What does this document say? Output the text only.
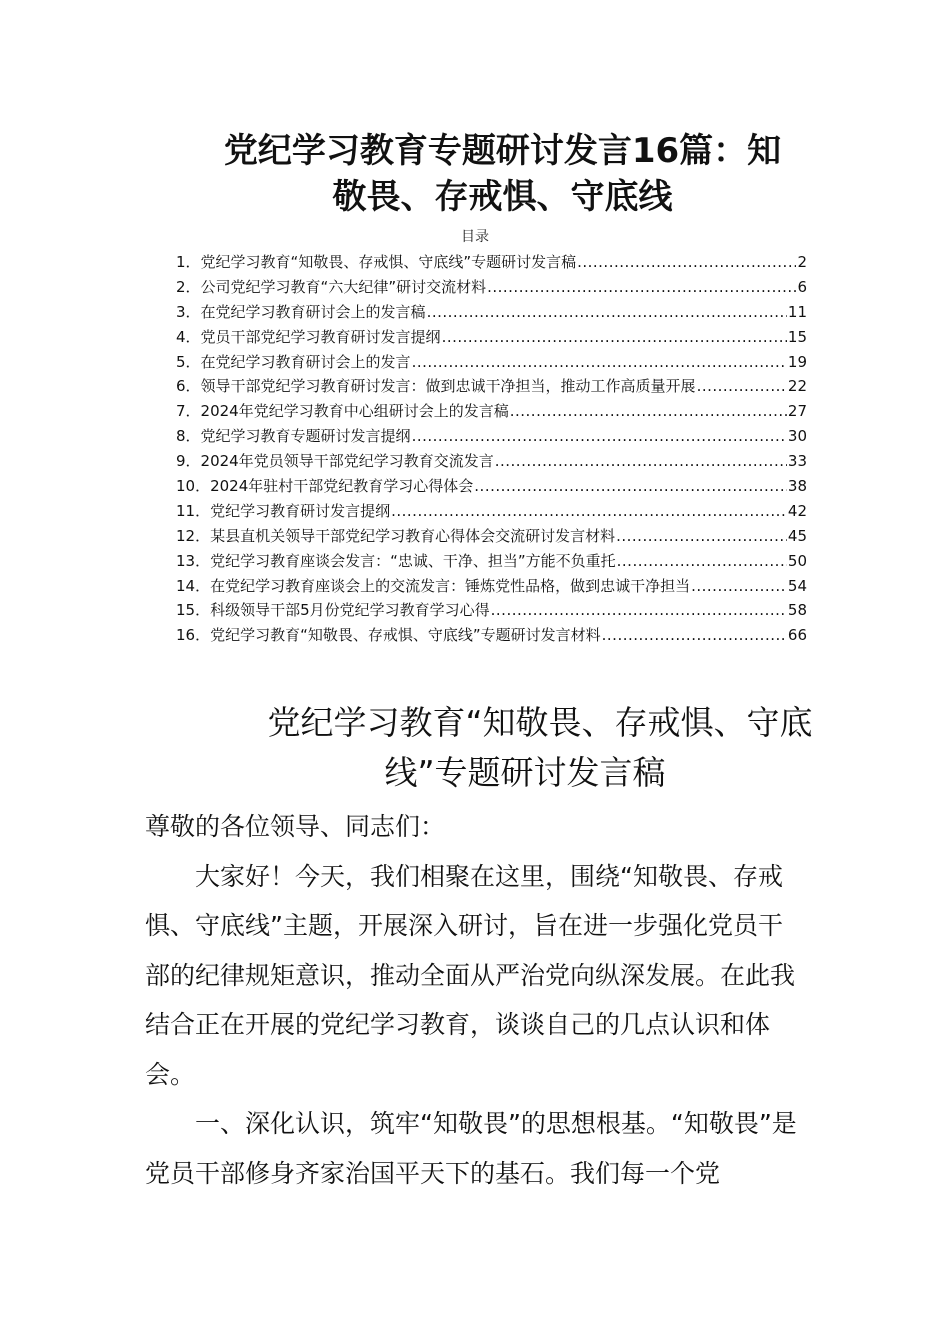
党纪学习教育专题研讨发言16篇：知
敬畏、存戒惧、守底线
目录
1． 党纪学习教育“知敬畏、存戒惧、守底线”专题研讨发言稿 .....	2
2． 公司党纪学习教育“六大纪律”研讨交流材料 .....	6
3． 在党纪学习教育研讨会上的发言稿 .....	11
4． 党员干部党纪学习教育研讨发言提纲 .....	15
5． 在党纪学习教育研讨会上的发言 .....	19
6． 领导干部党纪学习教育研讨发言：做到忠诚干净担当，推动工作高质量开展 .....	22
7． 2024年党纪学习教育中心组研讨会上的发言稿 .....	27
8． 党纪学习教育专题研讨发言提纲 .....	30
9． 2024年党员领导干部党纪学习教育交流发言 .....	33
10． 2024年驻村干部党纪教育学习心得体会 .....	38
11． 党纪学习教育研讨发言提纲 .....	42
12． 某县直机关领导干部党纪学习教育心得体会交流研讨发言材料 .....	45
13． 党纪学习教育座谈会发言：“忠诚、干净、担当”方能不负重托 .....	50
14． 在党纪学习教育座谈会上的交流发言：锤炼党性品格，做到忠诚干净担当 .....	54
15． 科级领导干部5月份党纪学习教育学习心得 .....	58
16． 党纪学习教育“知敬畏、存戒惧、守底线”专题研讨发言材料 .....	66
党纪学习教育“知敬畏、存戒惧、守底
线”专题研讨发言稿

尊敬的各位领导、同志们：

大家好！今天，我们相聚在这里，围绕“知敬畏、存戒惧、守底线”主题，开展深入研讨，旨在进一步强化党员干部的纪律规矩意识，推动全面从严治党向纵深发展。在此我结合正在开展的党纪学习教育，谈谈自己的几点认识和体会。

一、深化认识，筑牢“知敬畏”的思想根基。“知敬畏”是党员干部修身齐家治国平天下的基石。我们每一个党
